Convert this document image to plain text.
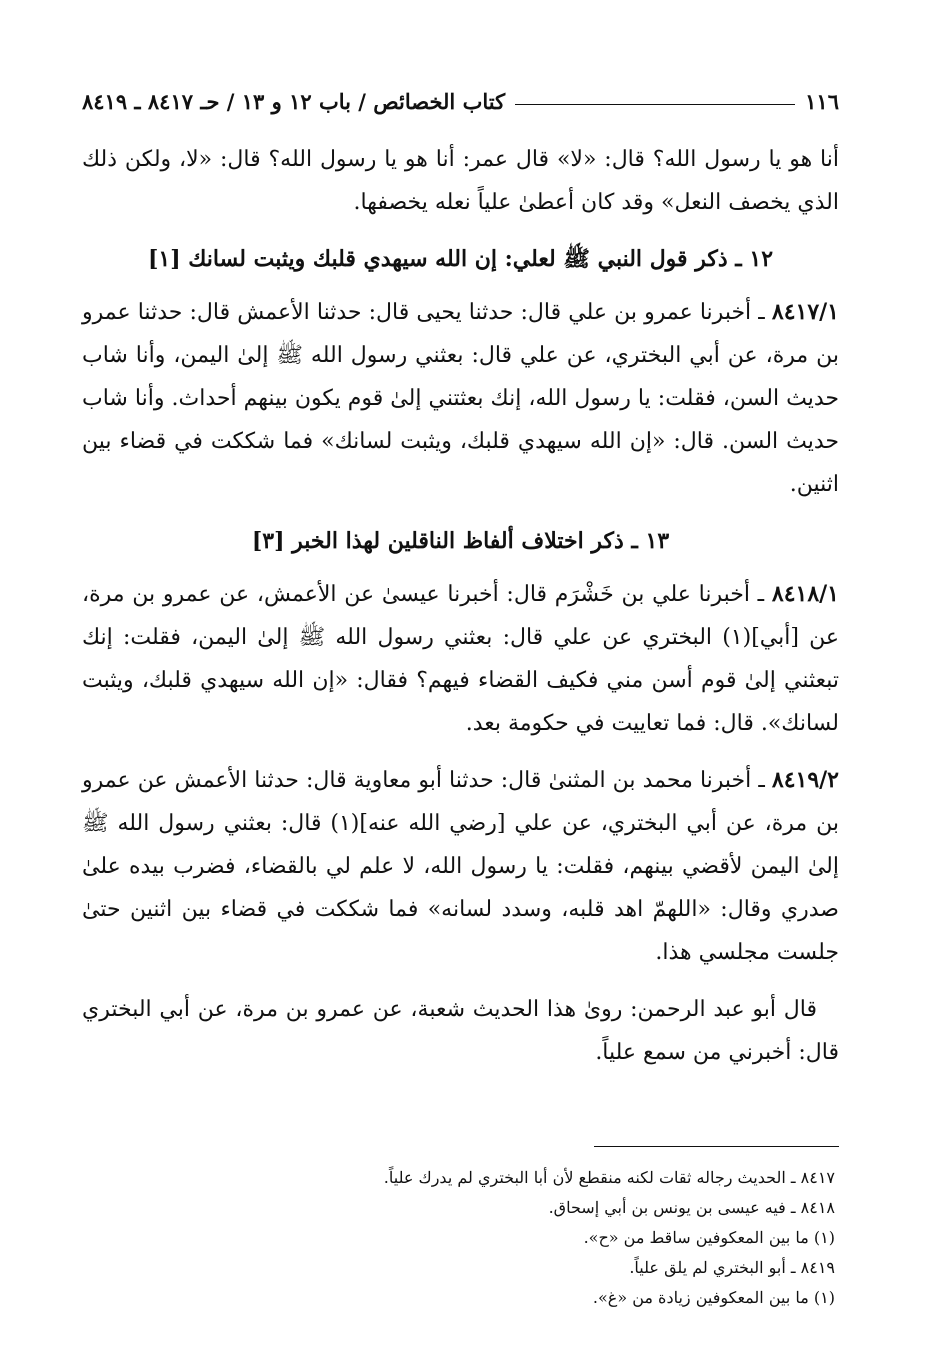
١١٦
كتاب الخصائص / باب ١٢ و ١٣ / حـ ٨٤١٧ ـ ٨٤١٩

أنا هو يا رسول الله؟ قال: «لا» قال عمر: أنا هو يا رسول الله؟ قال: «لا، ولكن ذلك الذي يخصف النعل» وقد كان أعطىٰ علياً نعله يخصفها.

١٢ ـ ذكر قول النبي ﷺ لعلي: إن الله سيهدي قلبك ويثبت لسانك [١]

٨٤١٧/١ ـ أخبرنا عمرو بن علي قال: حدثنا يحيى قال: حدثنا الأعمش قال: حدثنا عمرو بن مرة، عن أبي البختري، عن علي قال: بعثني رسول الله ﷺ إلىٰ اليمن، وأنا شاب حديث السن، فقلت: يا رسول الله، إنك بعثتني إلىٰ قوم يكون بينهم أحداث. وأنا شاب حديث السن. قال: «إن الله سيهدي قلبك، ويثبت لسانك» فما شككت في قضاء بين اثنين.

١٣ ـ ذكر اختلاف ألفاظ الناقلين لهذا الخبر [٣]

٨٤١٨/١ ـ أخبرنا علي بن خَشْرَم قال: أخبرنا عيسىٰ عن الأعمش، عن عمرو بن مرة، عن [أبي](١) البختري عن علي قال: بعثني رسول الله ﷺ إلىٰ اليمن، فقلت: إنك تبعثني إلىٰ قوم أسن مني فكيف القضاء فيهم؟ فقال: «إن الله سيهدي قلبك، ويثبت لسانك». قال: فما تعاييت في حكومة بعد.

٨٤١٩/٢ ـ أخبرنا محمد بن المثنىٰ قال: حدثنا أبو معاوية قال: حدثنا الأعمش عن عمرو بن مرة، عن أبي البختري، عن علي [رضي الله عنه](١) قال: بعثني رسول الله ﷺ إلىٰ اليمن لأقضي بينهم، فقلت: يا رسول الله، لا علم لي بالقضاء، فضرب بيده علىٰ صدري وقال: «اللهمّ اهد قلبه، وسدد لسانه» فما شككت في قضاء بين اثنين حتىٰ جلست مجلسي هذا.

قال أبو عبد الرحمن: روىٰ هذا الحديث شعبة، عن عمرو بن مرة، عن أبي البختري قال: أخبرني من سمع علياً.

٨٤١٧ ـ الحديث رجاله ثقات لكنه منقطع لأن أبا البختري لم يدرك علياً.
٨٤١٨ ـ فيه عيسى بن يونس بن أبي إسحاق.
(١) ما بين المعكوفين ساقط من «ح».
٨٤١٩ ـ أبو البختري لم يلق علياً.
(١) ما بين المعكوفين زيادة من «غ».
